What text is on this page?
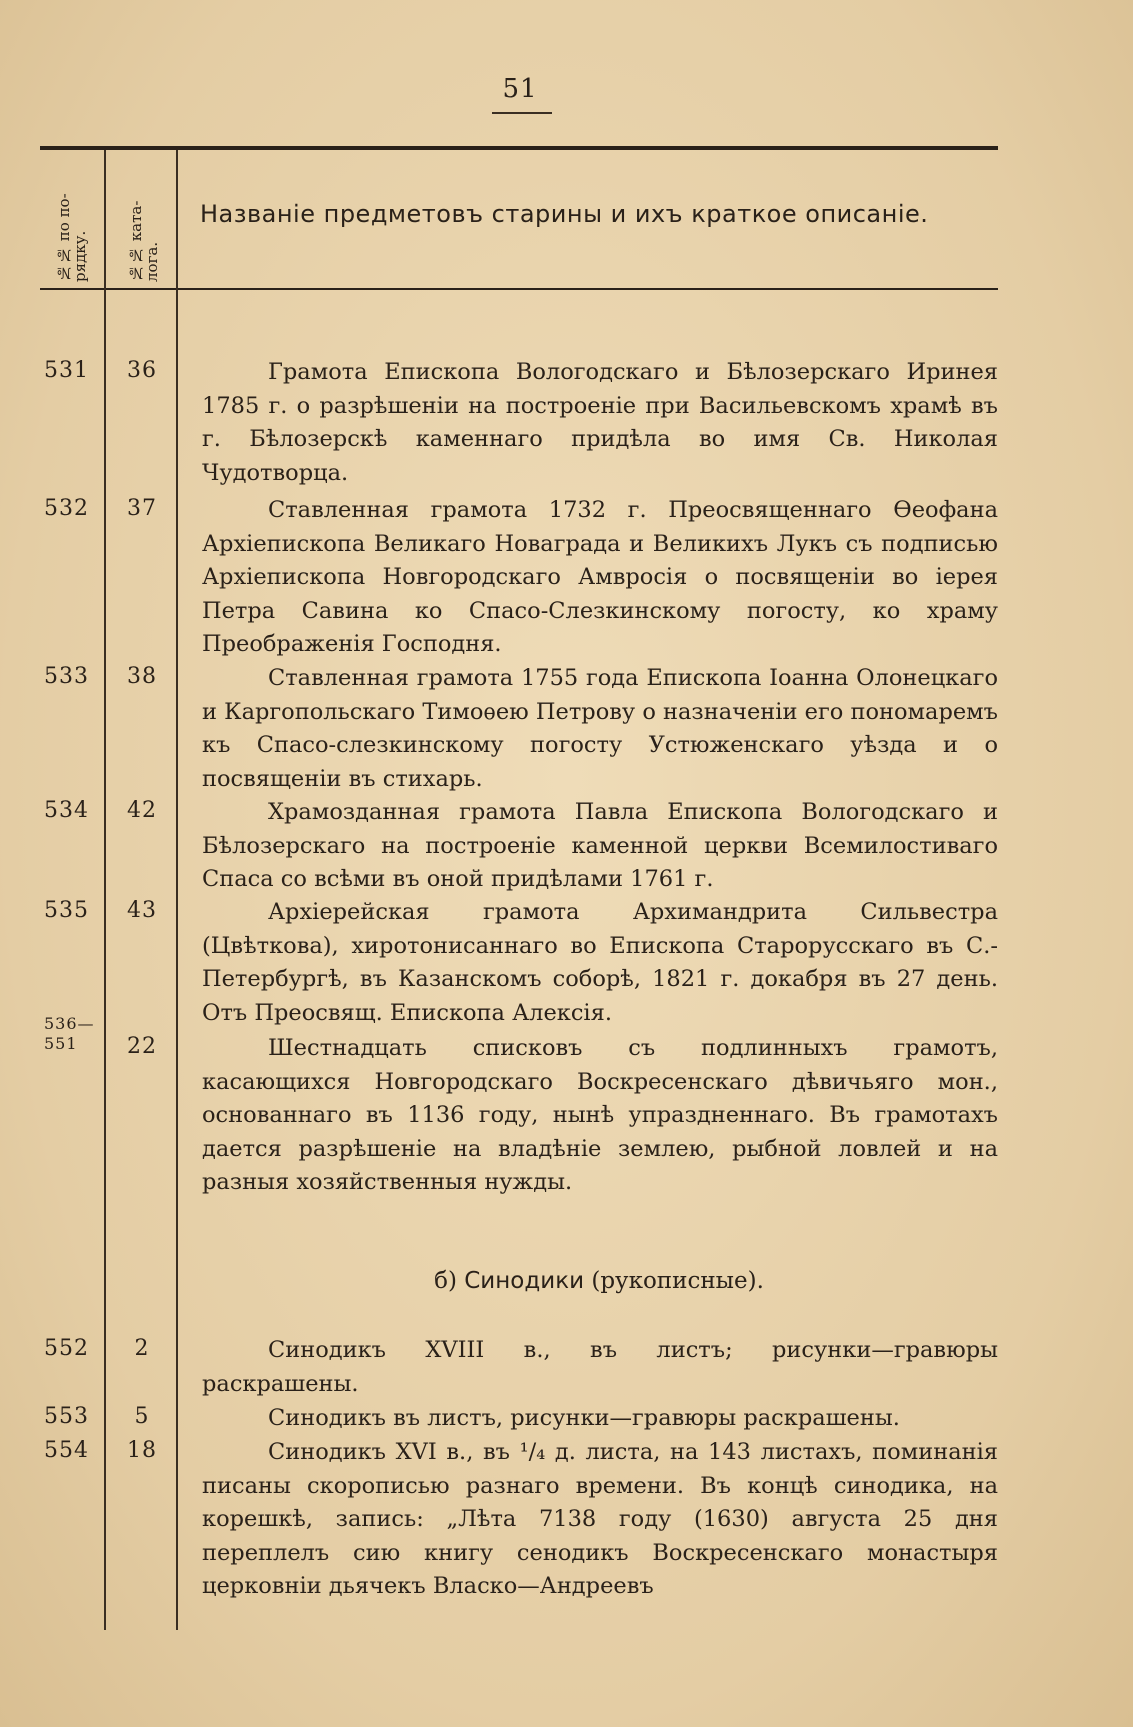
51
№№ по по-
рядку.	№№ ката-
лога.
Названіе предметовъ старины и ихъ краткое описаніе.
531	36	Грамота Епископа Вологодскаго и Бѣлозерскаго Иринея 1785 г. о разрѣшеніи на построеніе при Васильевскомъ храмѣ въ г. Бѣлозерскѣ каменнаго придѣла во имя Св. Николая Чудотворца.
532	37	Ставленная грамота 1732 г. Преосвященнаго Ѳеофана Архіепископа Великаго Новаграда и Великихъ Лукъ съ подписью Архіепископа Новгородскаго Амвросія о посвященіи во іерея Петра Савина ко Спасо-Слезкинскому погосту, ко храму Преображенія Господня.
533	38	Ставленная грамота 1755 года Епископа Іоанна Олонецкаго и Каргопольскаго Тимоѳею Петрову о назначеніи его пономаремъ къ Спасо-слезкинскому погосту Устюженскаго уѣзда и о посвященіи въ стихарь.
534	42	Храмозданная грамота Павла Епископа Вологодскаго и Бѣлозерскаго на построеніе каменной церкви Всемилостиваго Спаса со всѣми въ оной придѣлами 1761 г.
535	43	Архіерейская грамота Архимандрита Сильвестра (Цвѣткова), хиротонисаннаго во Епископа Старорусскаго въ С.-Петербургѣ, въ Казанскомъ соборѣ, 1821 г. докабря въ 27 день. Отъ Преосвящ. Епископа Алексія.
536—
551	22	Шестнадцать списковъ съ подлинныхъ грамотъ, касающихся Новгородскаго Воскресенскаго дѣвичьяго мон., основаннаго въ 1136 году, нынѣ упраздненнаго. Въ грамотахъ дается разрѣшеніе на владѣніе землею, рыбной ловлей и на разныя хозяйственныя нужды.
б) Синодики (рукописные).
552	2	Синодикъ XVIII в., въ листъ; рисунки—гравюры раскрашены.
553	5	Синодикъ въ листъ, рисунки—гравюры раскрашены.
554	18	Синодикъ XVI в., въ ¹/₄ д. листа, на 143 листахъ, поминанія писаны скорописью разнаго времени. Въ концѣ синодика, на корешкѣ, запись: „Лѣта 7138 году (1630) августа 25 дня переплелъ сию книгу сенодикъ Воскресенскаго монастыря церковніи дьячекъ Власко—Андреевъ
